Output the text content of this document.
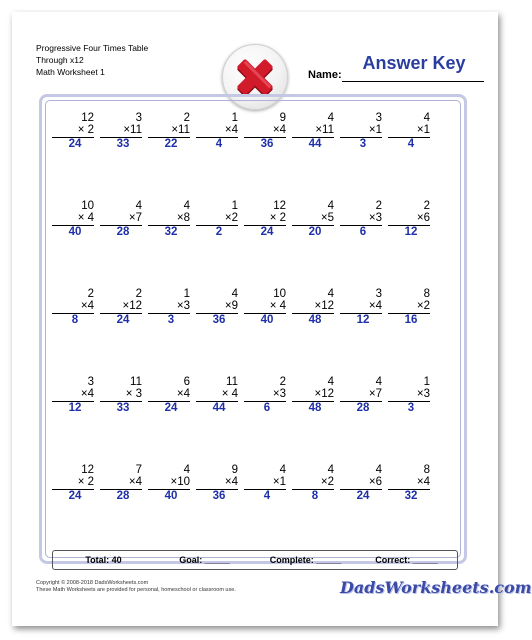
Progressive Four Times Table
Through x12
Math Worksheet 1	Name:
Answer Key
12
× 2
24
3
×11
33
2
×11
22
1
×4
4
9
×4
36
4
×11
44
3
×1
3
4
×1
4
10
× 4
40
4
×7
28
4
×8
32
1
×2
2
12
× 2
24
4
×5
20
2
×3
6
2
×6
12
2
×4
8
2
×12
24
1
×3
3
4
×9
36
10
× 4
40
4
×12
48
3
×4
12
8
×2
16
3
×4
12
11
× 3
33
6
×4
24
11
× 4
44
2
×3
6
4
×12
48
4
×7
28
1
×3
3
12
× 2
24
7
×4
28
4
×10
40
9
×4
36
4
×1
4
4
×2
8
4
×6
24
8
×4
32
Total: 40	Goal: _____	Complete: _____	Correct: _____
Copyright © 2008-2018 DadsWorksheets.com
These Math Worksheets are provided for personal, homeschool or classroom use.	DadsWorksheets.com
